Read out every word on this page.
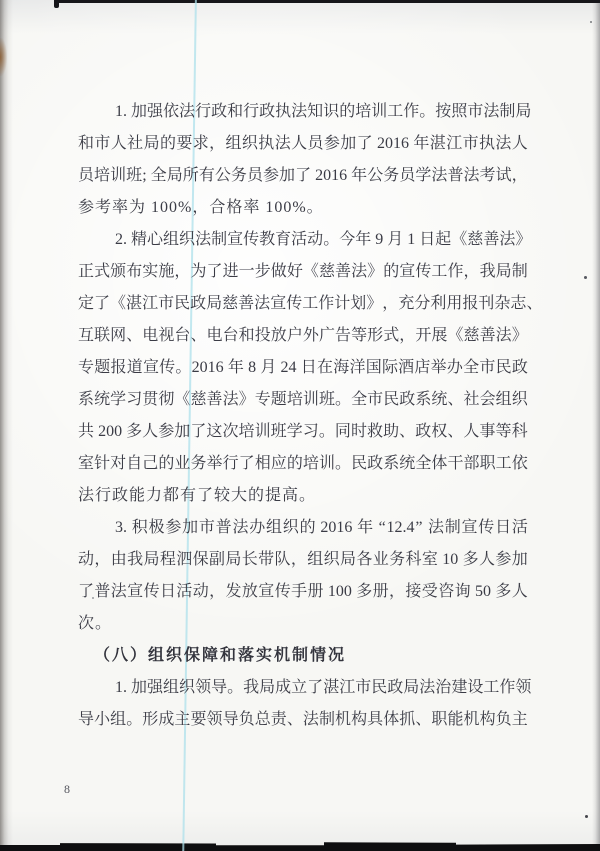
1. 加 强 依 法 行 政 和 行 政 执 法 知 识 的 培 训 工 作 。 按 照 市 法 制 局
和 市 人 社 局 的 要 求 ， 组 织 执 法 人 员 参 加 了 2016 年 湛 江 市 执 法 人
员 培 训 班 ; 全 局 所 有 公 务 员 参 加 了 2016 年 公 务 员 学 法 普 法 考 试 ，
参考率为 100%，合格率 100%。
2. 精 心 组 织 法 制 宣 传 教 育 活 动 。 今 年 9 月 1 日 起 《 慈 善 法 》
正 式 颁 布 实 施 ， 为 了 进 一 步 做 好 《 慈 善 法 》 的 宣 传 工 作 ， 我 局 制
定 了 《 湛 江 市 民 政 局 慈 善 法 宣 传 工 作 计 划 》 ， 充 分 利 用 报 刊 杂 志 、
互 联 网 、 电 视 台 、 电 台 和 投 放 户 外 广 告 等 形 式 ， 开 展 《 慈 善 法 》
专 题 报 道 宣 传 。 2016 年 8 月 24 日 在 海 洋 国 际 酒 店 举 办 全 市 民 政
系 统 学 习 贯 彻 《 慈 善 法 》 专 题 培 训 班 。 全 市 民 政 系 统 、 社 会 组 织
共 200 多 人 参 加 了 这 次 培 训 班 学 习 。 同 时 救 助 、 政 权 、 人 事 等 科
室 针 对 自 己 的 业 务 举 行 了 相 应 的 培 训 。 民 政 系 统 全 体 干 部 职 工 依
法行政能力都有了较大的提高。
3. 积 极 参 加 市 普 法 办 组 织 的 2016 年
“ 12.4 ”
法 制 宣 传 日 活
动 ， 由 我 局 程 泗 保 副 局 长 带 队 ， 组 织 局 各 业 务 科 室 10 多 人 参 加
了 普 法 宣 传 日 活 动 ， 发 放 宣 传 手 册 100 多 册 ， 接 受 咨 询 50 多 人
次。
（八）组织保障和落实机制情况
1. 加 强 组 织 领 导 。 我 局 成 立 了 湛 江 市 民 政 局 法 治 建 设 工 作 领
导 小 组 。 形 成 主 要 领 导 负 总 责 、 法 制 机 构 具 体 抓 、 职 能 机 构 负 主
8
